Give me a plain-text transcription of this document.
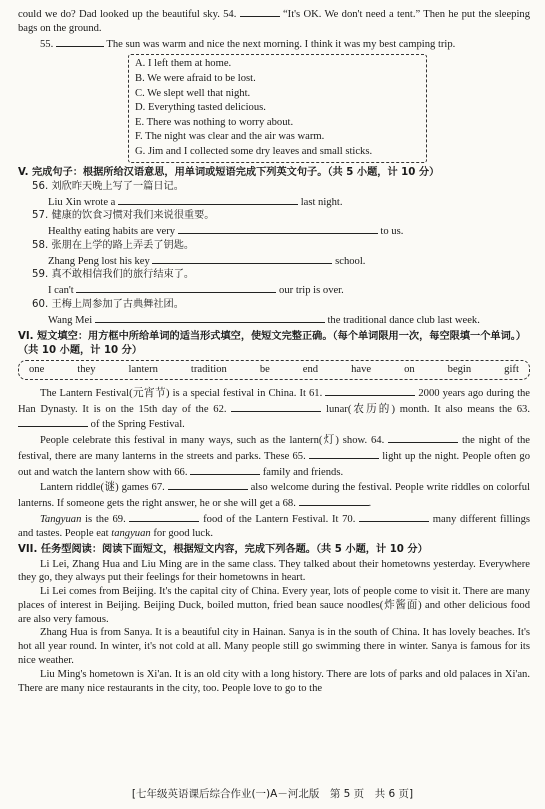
could we do? Dad looked up the beautiful sky. 54.	“It's OK. We don't need a tent.” Then he put the sleeping bags on the ground.

55.	The sun was warm and nice the next morning. I think it was my best camping trip.

A. I left them at home.
B. We were afraid to be lost.
C. We slept well that night.
D. Everything tasted delicious.
E. There was nothing to worry about.
F. The night was clear and the air was warm.
G. Jim and I collected some dry leaves and small sticks.
V. 完成句子：根据所给汉语意思，用单词或短语完成下列英文句子。（共 5 小题，计 10 分）

56. 刘欣昨天晚上写了一篇日记。

Liu Xin wrote a	last night.

57. 健康的饮食习惯对我们来说很重要。

Healthy eating habits are very	to us.

58. 张朋在上学的路上弄丢了钥匙。

Zhang Peng lost his key	school.

59. 真不敢相信我们的旅行结束了。

I can't	our trip is over.

60. 王梅上周参加了古典舞社团。

Wang Mei	the traditional dance club last week.

VI. 短文填空：用方框中所给单词的适当形式填空，使短文完整正确。（每个单词限用一次，每空限填一个单词。）（共 10 小题，计 10 分）
one	they	lantern	tradition	be	end	have	on	begin	gift

The Lantern Festival(元宵节) is a special festival in China. It 61.	2000 years ago during the Han Dynasty. It is on the 15th day of the 62.	lunar(农历的) month. It also means the 63.  of the Spring Festival.

People celebrate this festival in many ways, such as the lantern(灯) show. 64.	the night of the festival, there are many lanterns in the streets and parks. These 65.	light up the night. People often go out and watch the lantern show with 66.	family and friends.

Lantern riddle(谜) games 67.	also welcome during the festival. People write riddles on colorful lanterns. If someone gets the right answer, he or she will get a 68.	.

Tangyuan is the 69.	food of the Lantern Festival. It 70.	many different fillings and tastes. People eat tangyuan for good luck.

VII. 任务型阅读：阅读下面短文，根据短文内容，完成下列各题。（共 5 小题，计 10 分）

Li Lei, Zhang Hua and Liu Ming are in the same class. They talked about their hometowns yesterday. Everywhere they go, they always put their feelings for their hometowns in heart.

Li Lei comes from Beijing. It's the capital city of China. Every year, lots of people come to visit it. There are many places of interest in Beijing. Beijing Duck, boiled mutton, fried bean sauce noodles(炸酱面) and other delicious food are also very famous.

Zhang Hua is from Sanya. It is a beautiful city in Hainan. Sanya is in the south of China. It has lovely beaches. It's hot all year round. In winter, it's not cold at all. Many people still go swimming there in winter. Sanya is famous for its nice weather.

Liu Ming's hometown is Xi'an. It is an old city with a long history. There are lots of parks and old palaces in Xi'an. There are many nice restaurants in the city, too. People love to go to the

[七年级英语课后综合作业(一)A－河北版　第 5 页　共 6 页]
